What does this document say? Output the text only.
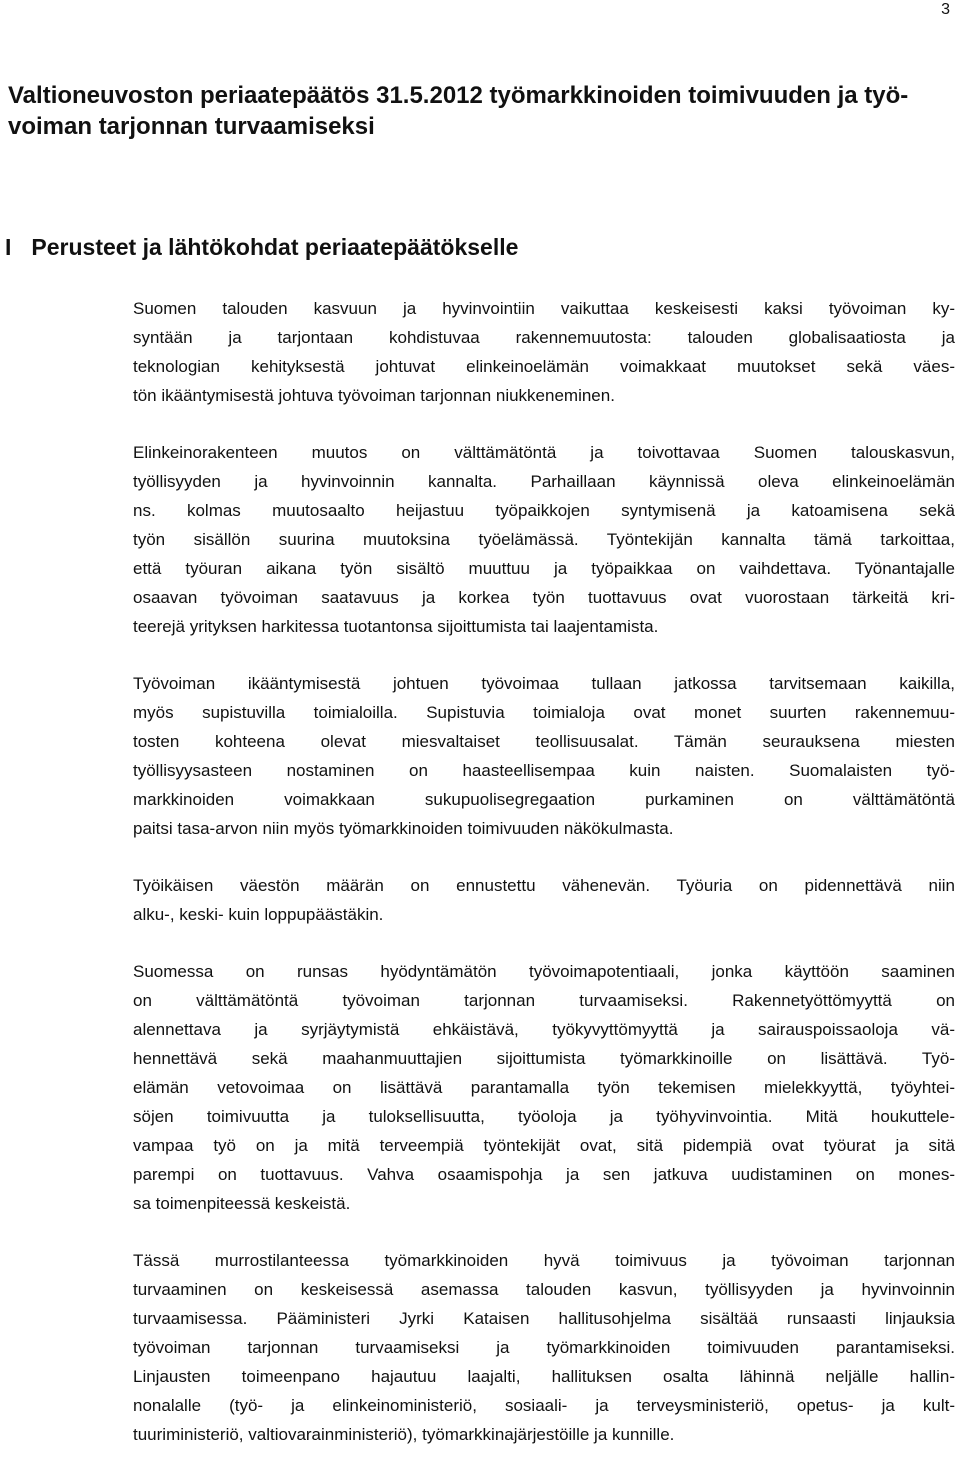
3
Valtioneuvoston periaatepäätös 31.5.2012 työmarkkinoiden toimivuuden ja työ-
voiman tarjonnan turvaamiseksi
I Perusteet ja lähtökohdat periaatepäätökselle

Suomen talouden kasvuun ja hyvinvointiin vaikuttaa keskeisesti kaksi työvoiman ky-
syntään ja tarjontaan kohdistuvaa rakennemuutosta: talouden globalisaatiosta ja
teknologian kehityksestä johtuvat elinkeinoelämän voimakkaat muutokset sekä väes-
tön ikääntymisestä johtuva työvoiman tarjonnan niukkeneminen.

Elinkeinorakenteen muutos on välttämätöntä ja toivottavaa Suomen talouskasvun,
työllisyyden ja hyvinvoinnin kannalta. Parhaillaan käynnissä oleva elinkeinoelämän
ns. kolmas muutosaalto heijastuu työpaikkojen syntymisenä ja katoamisena sekä
työn sisällön suurina muutoksina työelämässä. Työntekijän kannalta tämä tarkoittaa,
että työuran aikana työn sisältö muuttuu ja työpaikkaa on vaihdettava. Työnantajalle
osaavan työvoiman saatavuus ja korkea työn tuottavuus ovat vuorostaan tärkeitä kri-
teerejä yrityksen harkitessa tuotantonsa sijoittumista tai laajentamista.

Työvoiman ikääntymisestä johtuen työvoimaa tullaan jatkossa tarvitsemaan kaikilla,
myös supistuvilla toimialoilla. Supistuvia toimialoja ovat monet suurten rakennemuu-
tosten kohteena olevat miesvaltaiset teollisuusalat. Tämän seurauksena miesten
työllisyysasteen nostaminen on haasteellisempaa kuin naisten. Suomalaisten työ-
markkinoiden voimakkaan sukupuolisegregaation purkaminen on välttämätöntä
paitsi tasa-arvon niin myös työmarkkinoiden toimivuuden näkökulmasta.

Työikäisen väestön määrän on ennustettu vähenevän. Työuria on pidennettävä niin
alku-, keski- kuin loppupäästäkin.

Suomessa on runsas hyödyntämätön työvoimapotentiaali, jonka käyttöön saaminen
on välttämätöntä työvoiman tarjonnan turvaamiseksi. Rakennetyöttömyyttä on
alennettava ja syrjäytymistä ehkäistävä, työkyvyttömyyttä ja sairauspoissaoloja vä-
hennettävä sekä maahanmuuttajien sijoittumista työmarkkinoille on lisättävä. Työ-
elämän vetovoimaa on lisättävä parantamalla työn tekemisen mielekkyyttä, työyhtei-
söjen toimivuutta ja tuloksellisuutta, työoloja ja työhyvinvointia. Mitä houkuttele-
vampaa työ on ja mitä terveempiä työntekijät ovat, sitä pidempiä ovat työurat ja sitä
parempi on tuottavuus. Vahva osaamispohja ja sen jatkuva uudistaminen on mones-
sa toimenpiteessä keskeistä.

Tässä murrostilanteessa työmarkkinoiden hyvä toimivuus ja työvoiman tarjonnan
turvaaminen on keskeisessä asemassa talouden kasvun, työllisyyden ja hyvinvoinnin
turvaamisessa. Pääministeri Jyrki Kataisen hallitusohjelma sisältää runsaasti linjauksia
työvoiman tarjonnan turvaamiseksi ja työmarkkinoiden toimivuuden parantamiseksi.
Linjausten toimeenpano hajautuu laajalti, hallituksen osalta lähinnä neljälle hallin-
nonalalle (työ- ja elinkeinoministeriö, sosiaali- ja terveysministeriö, opetus- ja kult-
tuuriministeriö, valtiovarainministeriö), työmarkkinajärjestöille ja kunnille.
